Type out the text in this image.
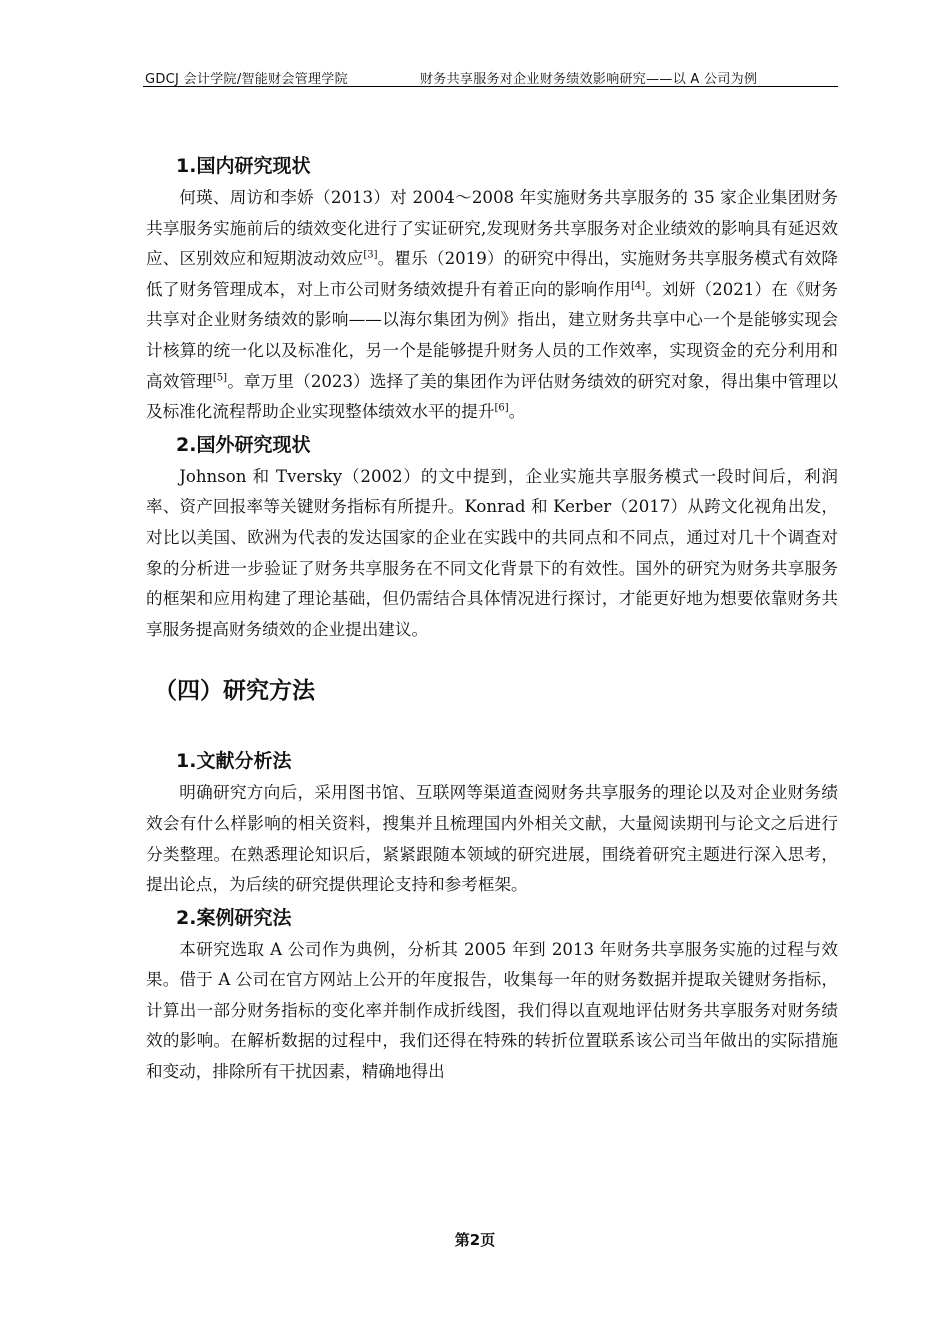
GDCJ 会计学院/智能财会管理学院	财务共享服务对企业财务绩效影响研究——以 A 公司为例
1.国内研究现状

何瑛、周访和李娇（2013）对 2004～2008 年实施财务共享服务的 35 家企业集团财务共享服务实施前后的绩效变化进行了实证研究,发现财务共享服务对企业绩效的影响具有延迟效应、区别效应和短期波动效应[3]。瞿乐（2019）的研究中得出，实施财务共享服务模式有效降低了财务管理成本，对上市公司财务绩效提升有着正向的影响作用[4]。刘妍（2021）在《财务共享对企业财务绩效的影响——以海尔集团为例》指出，建立财务共享中心一个是能够实现会计核算的统一化以及标准化，另一个是能够提升财务人员的工作效率，实现资金的充分利用和高效管理[5]。章万里（2023）选择了美的集团作为评估财务绩效的研究对象，得出集中管理以及标准化流程帮助企业实现整体绩效水平的提升[6]。

2.国外研究现状

Johnson 和 Tversky（2002）的文中提到，企业实施共享服务模式一段时间后，利润率、资产回报率等关键财务指标有所提升。Konrad 和 Kerber（2017）从跨文化视角出发，对比以美国、欧洲为代表的发达国家的企业在实践中的共同点和不同点，通过对几十个调查对象的分析进一步验证了财务共享服务在不同文化背景下的有效性。国外的研究为财务共享服务的框架和应用构建了理论基础，但仍需结合具体情况进行探讨，才能更好地为想要依靠财务共享服务提高财务绩效的企业提出建议。

（四）研究方法
1.文献分析法

明确研究方向后，采用图书馆、互联网等渠道查阅财务共享服务的理论以及对企业财务绩效会有什么样影响的相关资料，搜集并且梳理国内外相关文献，大量阅读期刊与论文之后进行分类整理。在熟悉理论知识后，紧紧跟随本领域的研究进展，围绕着研究主题进行深入思考，提出论点，为后续的研究提供理论支持和参考框架。

2.案例研究法

本研究选取 A 公司作为典例，分析其 2005 年到 2013 年财务共享服务实施的过程与效果。借于 A 公司在官方网站上公开的年度报告，收集每一年的财务数据并提取关键财务指标，计算出一部分财务指标的变化率并制作成折线图，我们得以直观地评估财务共享服务对财务绩效的影响。在解析数据的过程中，我们还得在特殊的转折位置联系该公司当年做出的实际措施和变动，排除所有干扰因素，精确地得出

第2页
